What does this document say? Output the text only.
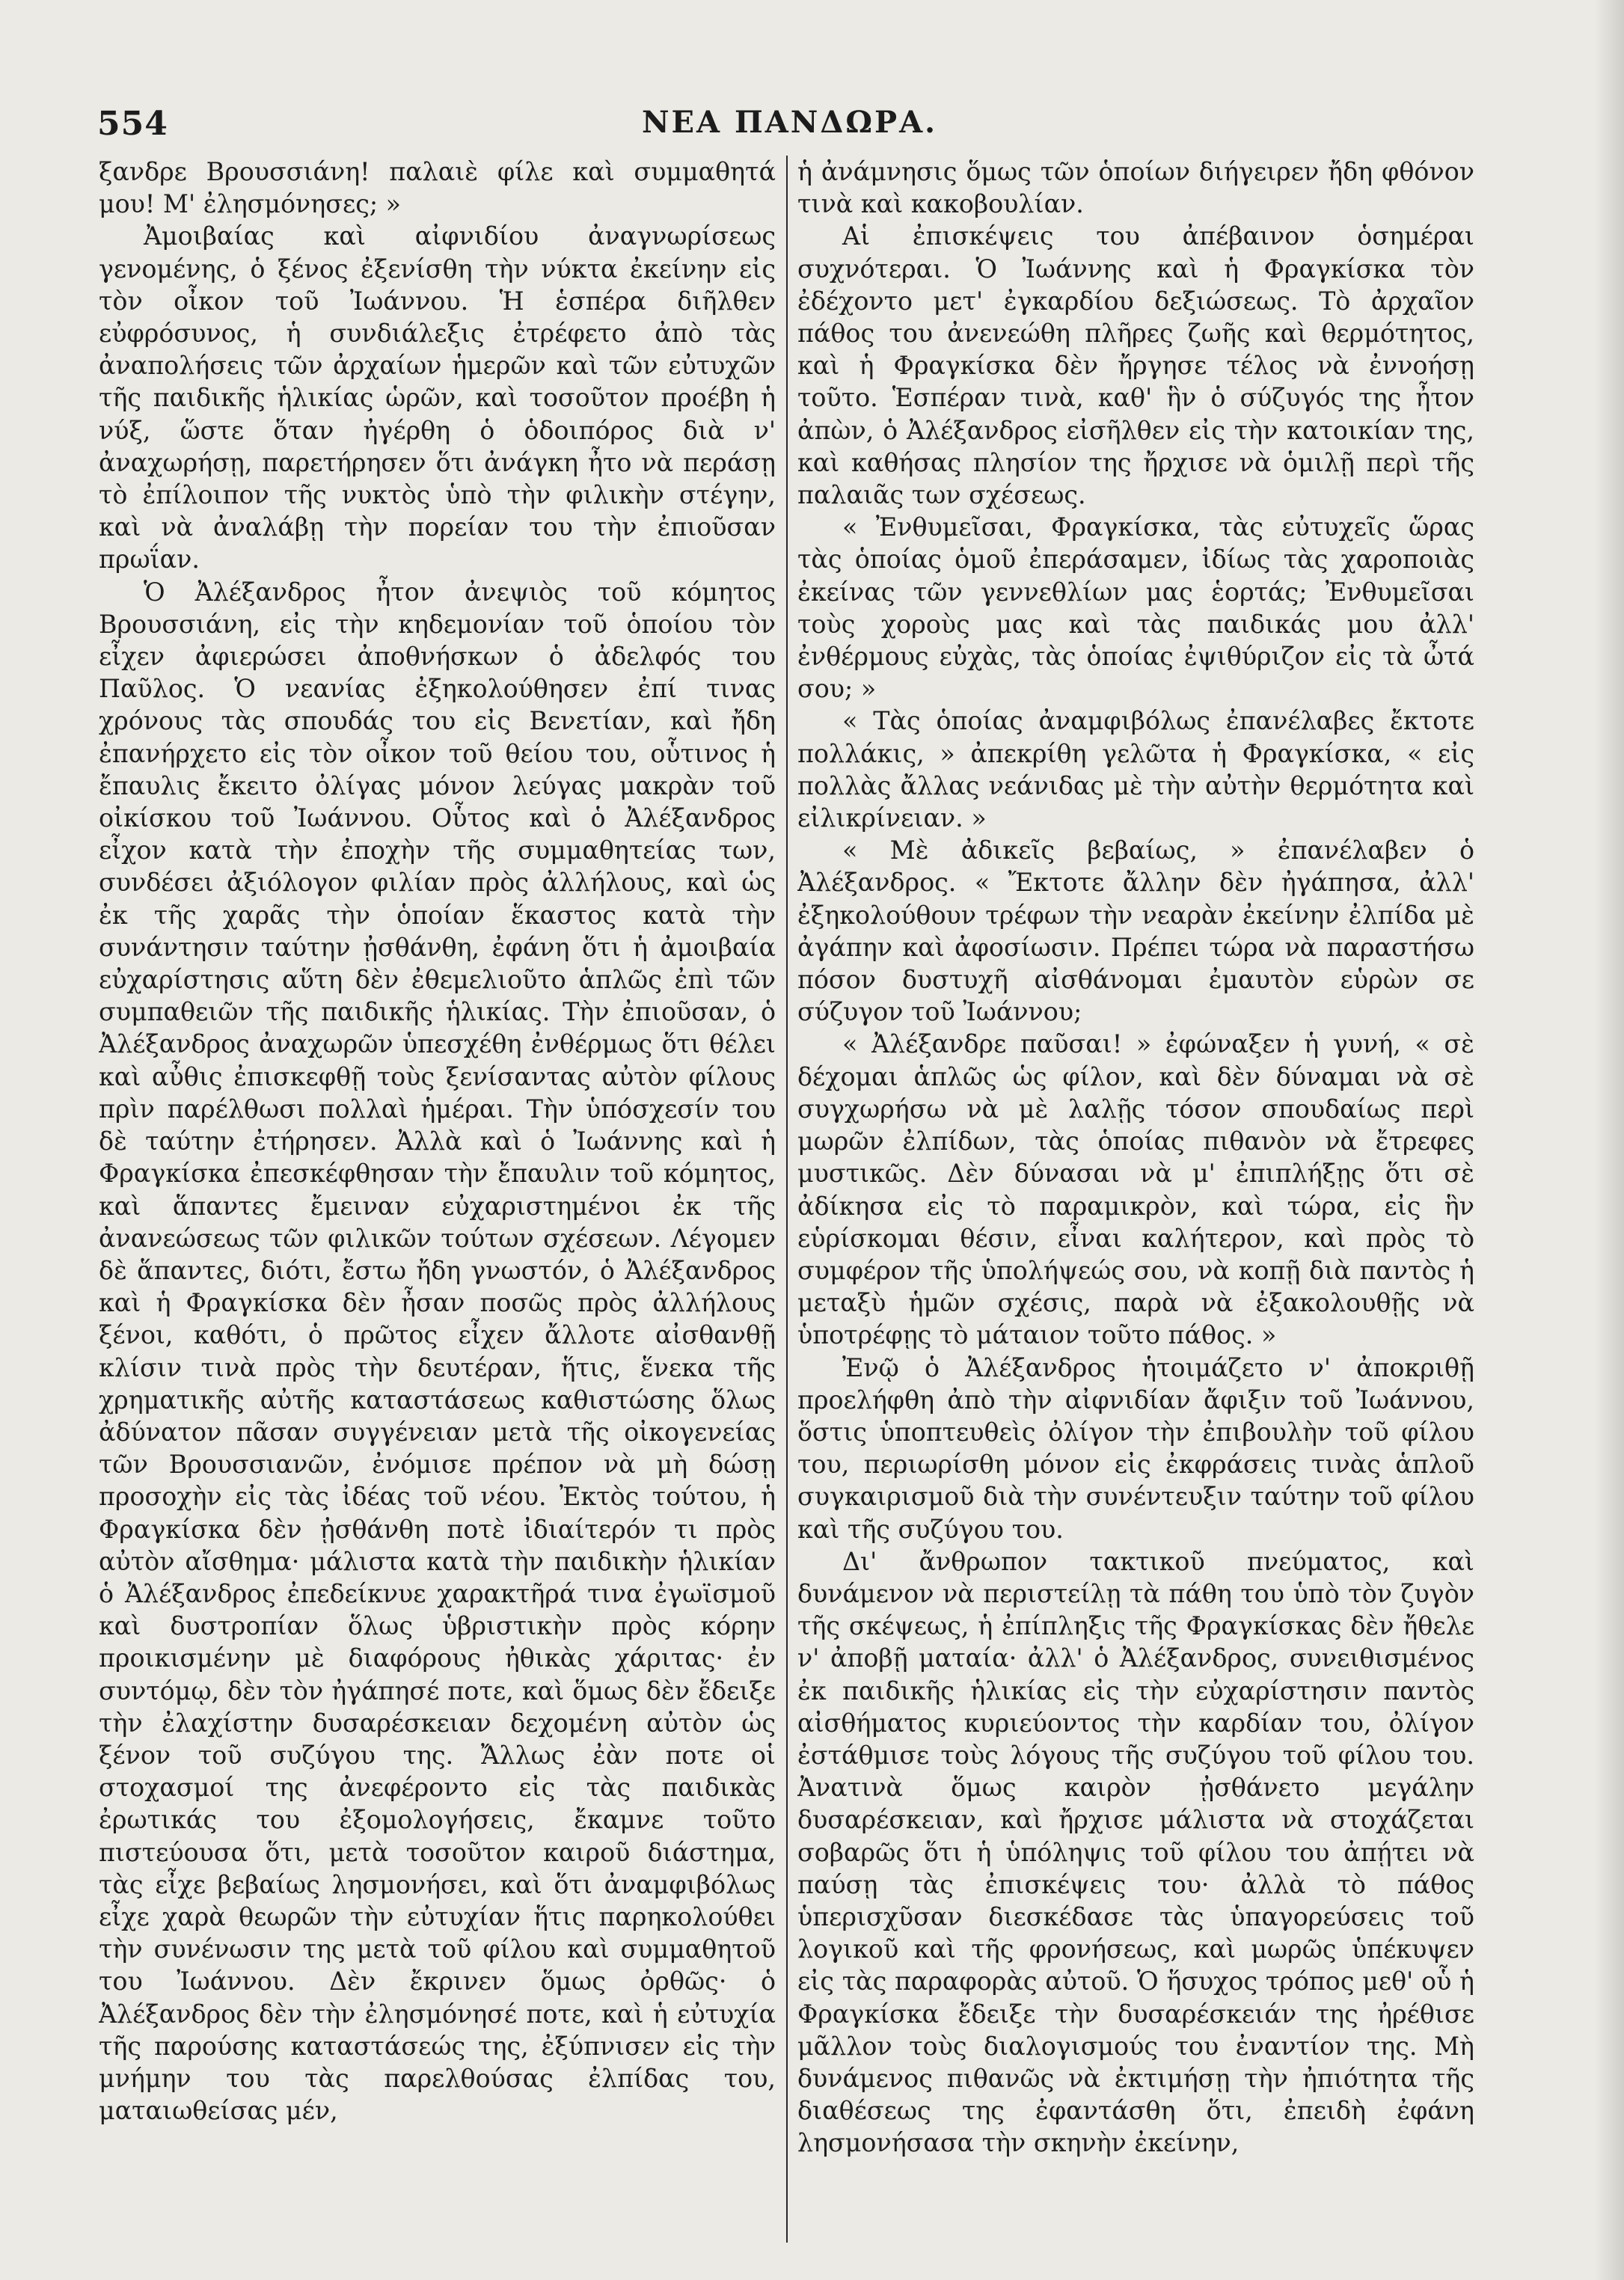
554	ΝΕΑ ΠΑΝΔΩΡΑ.

ξανδρε Βρουσσιάνη! παλαιὲ φίλε καὶ συμμαθητά μου! Μ' ἐλησμόνησες; »

Ἀμοιβαίας καὶ αἰφνιδίου ἀναγνωρίσεως γενομένης, ὁ ξένος ἐξενίσθη τὴν νύκτα ἐκείνην εἰς τὸν οἶκον τοῦ Ἰωάννου. Ἡ ἑσπέρα διῆλθεν εὐφρόσυνος, ἡ συνδιάλεξις ἐτρέφετο ἀπὸ τὰς ἀναπολήσεις τῶν ἀρχαίων ἡμερῶν καὶ τῶν εὐτυχῶν τῆς παιδικῆς ἡλικίας ὡρῶν, καὶ τοσοῦτον προέβη ἡ νύξ, ὥστε ὅταν ἠγέρθη ὁ ὁδοιπόρος διὰ ν' ἀναχωρήσῃ, παρετήρησεν ὅτι ἀνάγκη ἦτο νὰ περάσῃ τὸ ἐπίλοιπον τῆς νυκτὸς ὑπὸ τὴν φιλικὴν στέγην, καὶ νὰ ἀναλάβῃ τὴν πορείαν του τὴν ἐπιοῦσαν πρωΐαν.

Ὁ Ἀλέξανδρος ἦτον ἀνεψιὸς τοῦ κόμητος Βρουσσιάνη, εἰς τὴν κηδεμονίαν τοῦ ὁποίου τὸν εἶχεν ἀφιερώσει ἀποθνήσκων ὁ ἀδελφός του Παῦλος. Ὁ νεανίας ἐξηκολούθησεν ἐπί τινας χρόνους τὰς σπουδάς του εἰς Βενετίαν, καὶ ἤδη ἐπανήρχετο εἰς τὸν οἶκον τοῦ θείου του, οὗτινος ἡ ἔπαυλις ἔκειτο ὀλίγας μόνον λεύγας μακρὰν τοῦ οἰκίσκου τοῦ Ἰωάννου. Οὗτος καὶ ὁ Ἀλέξανδρος εἶχον κατὰ τὴν ἐποχὴν τῆς συμμαθητείας των, συνδέσει ἀξιόλογον φιλίαν πρὸς ἀλλήλους, καὶ ὡς ἐκ τῆς χαρᾶς τὴν ὁποίαν ἕκαστος κατὰ τὴν συνάντησιν ταύτην ᾐσθάνθη, ἐφάνη ὅτι ἡ ἀμοιβαία εὐχαρίστησις αὕτη δὲν ἐθεμελιοῦτο ἁπλῶς ἐπὶ τῶν συμπαθειῶν τῆς παιδικῆς ἡλικίας. Τὴν ἐπιοῦσαν, ὁ Ἀλέξανδρος ἀναχωρῶν ὑπεσχέθη ἐνθέρμως ὅτι θέλει καὶ αὖθις ἐπισκεφθῇ τοὺς ξενίσαντας αὐτὸν φίλους πρὶν παρέλθωσι πολλαὶ ἡμέραι. Τὴν ὑπόσχεσίν του δὲ ταύτην ἐτήρησεν. Ἀλλὰ καὶ ὁ Ἰωάννης καὶ ἡ Φραγκίσκα ἐπεσκέφθησαν τὴν ἔπαυλιν τοῦ κόμητος, καὶ ἅπαντες ἔμειναν εὐχαριστημένοι ἐκ τῆς ἀνανεώσεως τῶν φιλικῶν τούτων σχέσεων. Λέγομεν δὲ ἅπαντες, διότι, ἔστω ἤδη γνωστόν, ὁ Ἀλέξανδρος καὶ ἡ Φραγκίσκα δὲν ἦσαν ποσῶς πρὸς ἀλλήλους ξένοι, καθότι, ὁ πρῶτος εἶχεν ἄλλοτε αἰσθανθῇ κλίσιν τινὰ πρὸς τὴν δευτέραν, ἥτις, ἕνεκα τῆς χρηματικῆς αὐτῆς καταστάσεως καθιστώσης ὅλως ἀδύνατον πᾶσαν συγγένειαν μετὰ τῆς οἰκογενείας τῶν Βρουσσιανῶν, ἐνόμισε πρέπον νὰ μὴ δώσῃ προσοχὴν εἰς τὰς ἰδέας τοῦ νέου. Ἐκτὸς τούτου, ἡ Φραγκίσκα δὲν ᾐσθάνθη ποτὲ ἰδιαίτερόν τι πρὸς αὐτὸν αἴσθημα· μάλιστα κατὰ τὴν παιδικὴν ἡλικίαν ὁ Ἀλέξανδρος ἐπεδείκνυε χαρακτῆρά τινα ἐγωϊσμοῦ καὶ δυστροπίαν ὅλως ὑβριστικὴν πρὸς κόρην προικισμένην μὲ διαφόρους ἠθικὰς χάριτας· ἐν συντόμῳ, δὲν τὸν ἠγάπησέ ποτε, καὶ ὅμως δὲν ἔδειξε τὴν ἐλαχίστην δυσαρέσκειαν δεχομένη αὐτὸν ὡς ξένον τοῦ συζύγου της. Ἄλλως ἐὰν ποτε οἱ στοχασμοί της ἀνεφέροντο εἰς τὰς παιδικὰς ἐρωτικάς του ἐξομολογήσεις, ἔκαμνε τοῦτο πιστεύουσα ὅτι, μετὰ τοσοῦτον καιροῦ διάστημα, τὰς εἶχε βεβαίως λησμονήσει, καὶ ὅτι ἀναμφιβόλως εἶχε χαρὰ θεωρῶν τὴν εὐτυχίαν ἥτις παρηκολούθει τὴν συνένωσιν της μετὰ τοῦ φίλου καὶ συμμαθητοῦ του Ἰωάννου. Δὲν ἔκρινεν ὅμως ὀρθῶς· ὁ Ἀλέξανδρος δὲν τὴν ἐλησμόνησέ ποτε, καὶ ἡ εὐτυχία τῆς παρούσης καταστάσεώς της, ἐξύπνισεν εἰς τὴν μνήμην του τὰς παρελθούσας ἐλπίδας του, ματαιωθείσας μέν,

ἡ ἀνάμνησις ὅμως τῶν ὁποίων διήγειρεν ἤδη φθόνον τινὰ καὶ κακοβουλίαν.

Αἱ ἐπισκέψεις του ἀπέβαινον ὁσημέραι συχνότεραι. Ὁ Ἰωάννης καὶ ἡ Φραγκίσκα τὸν ἐδέχοντο μετ' ἐγκαρδίου δεξιώσεως. Τὸ ἀρχαῖον πάθος του ἀνενεώθη πλῆρες ζωῆς καὶ θερμότητος, καὶ ἡ Φραγκίσκα δὲν ἤργησε τέλος νὰ ἐννοήσῃ τοῦτο. Ἑσπέραν τινὰ, καθ' ἣν ὁ σύζυγός της ἦτον ἀπὼν, ὁ Ἀλέξανδρος εἰσῆλθεν εἰς τὴν κατοικίαν της, καὶ καθήσας πλησίον της ἤρχισε νὰ ὁμιλῇ περὶ τῆς παλαιᾶς των σχέσεως.

« Ἐνθυμεῖσαι, Φραγκίσκα, τὰς εὐτυχεῖς ὥρας τὰς ὁποίας ὁμοῦ ἐπεράσαμεν, ἰδίως τὰς χαροποιὰς ἐκείνας τῶν γεννεθλίων μας ἑορτάς; Ἐνθυμεῖσαι τοὺς χοροὺς μας καὶ τὰς παιδικάς μου ἀλλ' ἐνθέρμους εὐχὰς, τὰς ὁποίας ἐψιθύριζον εἰς τὰ ὦτά σου; »

« Τὰς ὁποίας ἀναμφιβόλως ἐπανέλαβες ἔκτοτε πολλάκις, » ἀπεκρίθη γελῶτα ἡ Φραγκίσκα, « εἰς πολλὰς ἄλλας νεάνιδας μὲ τὴν αὐτὴν θερμότητα καὶ εἰλικρίνειαν. »

« Μὲ ἀδικεῖς βεβαίως, » ἐπανέλαβεν ὁ Ἀλέξανδρος. « Ἔκτοτε ἄλλην δὲν ἠγάπησα, ἀλλ' ἐξηκολούθουν τρέφων τὴν νεαρὰν ἐκείνην ἐλπίδα μὲ ἀγάπην καὶ ἀφοσίωσιν. Πρέπει τώρα νὰ παραστήσω πόσον δυστυχῆ αἰσθάνομαι ἐμαυτὸν εὑρὼν σε σύζυγον τοῦ Ἰωάννου;

« Ἀλέξανδρε παῦσαι! » ἐφώναξεν ἡ γυνή, « σὲ δέχομαι ἁπλῶς ὡς φίλον, καὶ δὲν δύναμαι νὰ σὲ συγχωρήσω νὰ μὲ λαλῇς τόσον σπουδαίως περὶ μωρῶν ἐλπίδων, τὰς ὁποίας πιθανὸν νὰ ἔτρεφες μυστικῶς. Δὲν δύνασαι νὰ μ' ἐπιπλήξῃς ὅτι σὲ ἀδίκησα εἰς τὸ παραμικρὸν, καὶ τώρα, εἰς ἣν εὑρίσκομαι θέσιν, εἶναι καλήτερον, καὶ πρὸς τὸ συμφέρον τῆς ὑπολήψεώς σου, νὰ κοπῇ διὰ παντὸς ἡ μεταξὺ ἡμῶν σχέσις, παρὰ νὰ ἐξακολουθῇς νὰ ὑποτρέφῃς τὸ μάταιον τοῦτο πάθος. »

Ἐνῷ ὁ Ἀλέξανδρος ἡτοιμάζετο ν' ἀποκριθῇ προελήφθη ἀπὸ τὴν αἰφνιδίαν ἄφιξιν τοῦ Ἰωάννου, ὅστις ὑποπτευθεὶς ὀλίγον τὴν ἐπιβουλὴν τοῦ φίλου του, περιωρίσθη μόνον εἰς ἐκφράσεις τινὰς ἁπλοῦ συγκαιρισμοῦ διὰ τὴν συνέντευξιν ταύτην τοῦ φίλου καὶ τῆς συζύγου του.

Δι' ἄνθρωπον τακτικοῦ πνεύματος, καὶ δυνάμενον νὰ περιστείλῃ τὰ πάθη του ὑπὸ τὸν ζυγὸν τῆς σκέψεως, ἡ ἐπίπληξις τῆς Φραγκίσκας δὲν ἤθελε ν' ἀποβῇ ματαία· ἀλλ' ὁ Ἀλέξανδρος, συνειθισμένος ἐκ παιδικῆς ἡλικίας εἰς τὴν εὐχαρίστησιν παντὸς αἰσθήματος κυριεύοντος τὴν καρδίαν του, ὀλίγον ἐστάθμισε τοὺς λόγους τῆς συζύγου τοῦ φίλου του. Ἀνατινὰ ὅμως καιρὸν ᾐσθάνετο μεγάλην δυσαρέσκειαν, καὶ ἤρχισε μάλιστα νὰ στοχάζεται σοβαρῶς ὅτι ἡ ὑπόληψις τοῦ φίλου του ἀπῄτει νὰ παύσῃ τὰς ἐπισκέψεις του· ἀλλὰ τὸ πάθος ὑπερισχῦσαν διεσκέδασε τὰς ὑπαγορεύσεις τοῦ λογικοῦ καὶ τῆς φρονήσεως, καὶ μωρῶς ὑπέκυψεν εἰς τὰς παραφορὰς αὐτοῦ. Ὁ ἥσυχος τρόπος μεθ' οὗ ἡ Φραγκίσκα ἔδειξε τὴν δυσαρέσκειάν της ἠρέθισε μᾶλλον τοὺς διαλογισμούς του ἐναντίον της. Μὴ δυνάμενος πιθανῶς νὰ ἐκτιμήσῃ τὴν ἠπιότητα τῆς διαθέσεως της ἐφαντάσθη ὅτι, ἐπειδὴ ἐφάνη λησμονήσασα τὴν σκηνὴν ἐκείνην,
